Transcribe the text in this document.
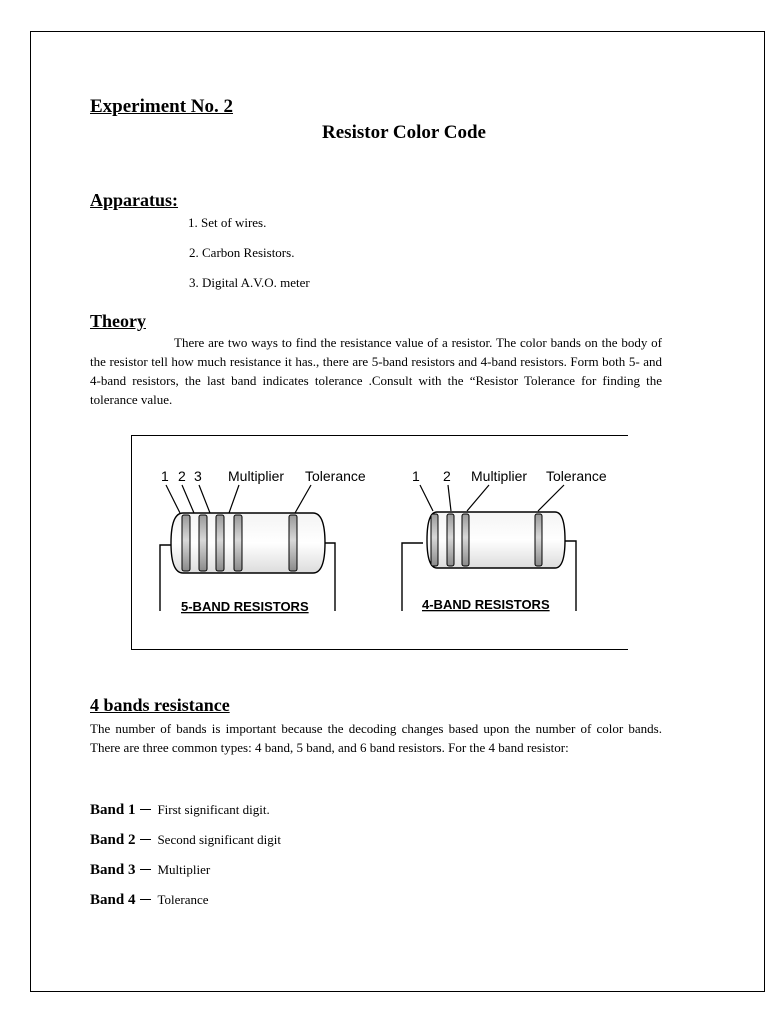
Experiment No. 2
Resistor Color Code
Apparatus:
1. Set of wires.
2. Carbon Resistors.
3. Digital A.V.O. meter
Theory

There are two ways to find the resistance value of a resistor. The color bands on the body of the resistor tell how much resistance it has., there are 5-band resistors and 4-band resistors. Form both 5- and 4-band resistors, the last band indicates tolerance .Consult with the “Resistor Tolerance for finding the tolerance value.

1 2 3 Multiplier Tolerance
5-BAND RESISTORS
1 2 Multiplier Tolerance
4-BAND RESISTORS
4 bands resistance

The number of bands is important because the decoding changes based upon the number of color bands. There are three common types: 4 band, 5 band, and 6 band resistors. For the 4 band resistor:

Band 1 First significant digit.
Band 2 Second significant digit
Band 3 Multiplier
Band 4 Tolerance
